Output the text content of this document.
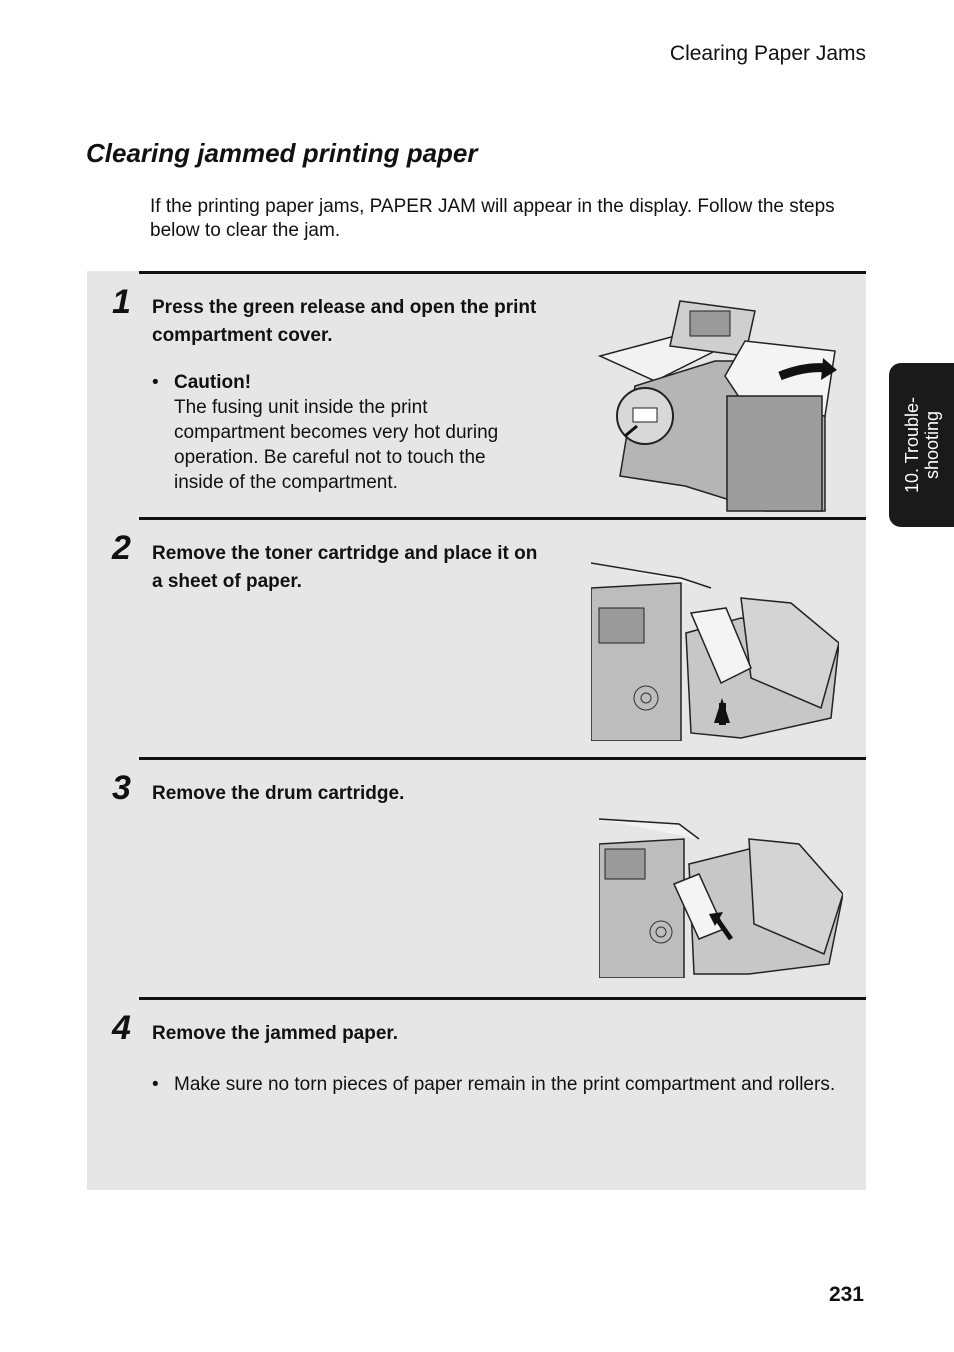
Clearing Paper Jams
Clearing jammed printing paper

If the printing paper jams, PAPER JAM will appear in the display. Follow the steps below to clear the jam.

10. Trouble- shooting
1 Press the green release and open the print compartment cover.
• Caution!
The fusing unit inside the print compartment becomes very hot during operation. Be careful not to touch the inside of the compartment.
2 Remove the toner cartridge and place it on a sheet of paper.
3 Remove the drum cartridge.
4 Remove the jammed paper.
• Make sure no torn pieces of paper remain in the print compartment and rollers.
231
